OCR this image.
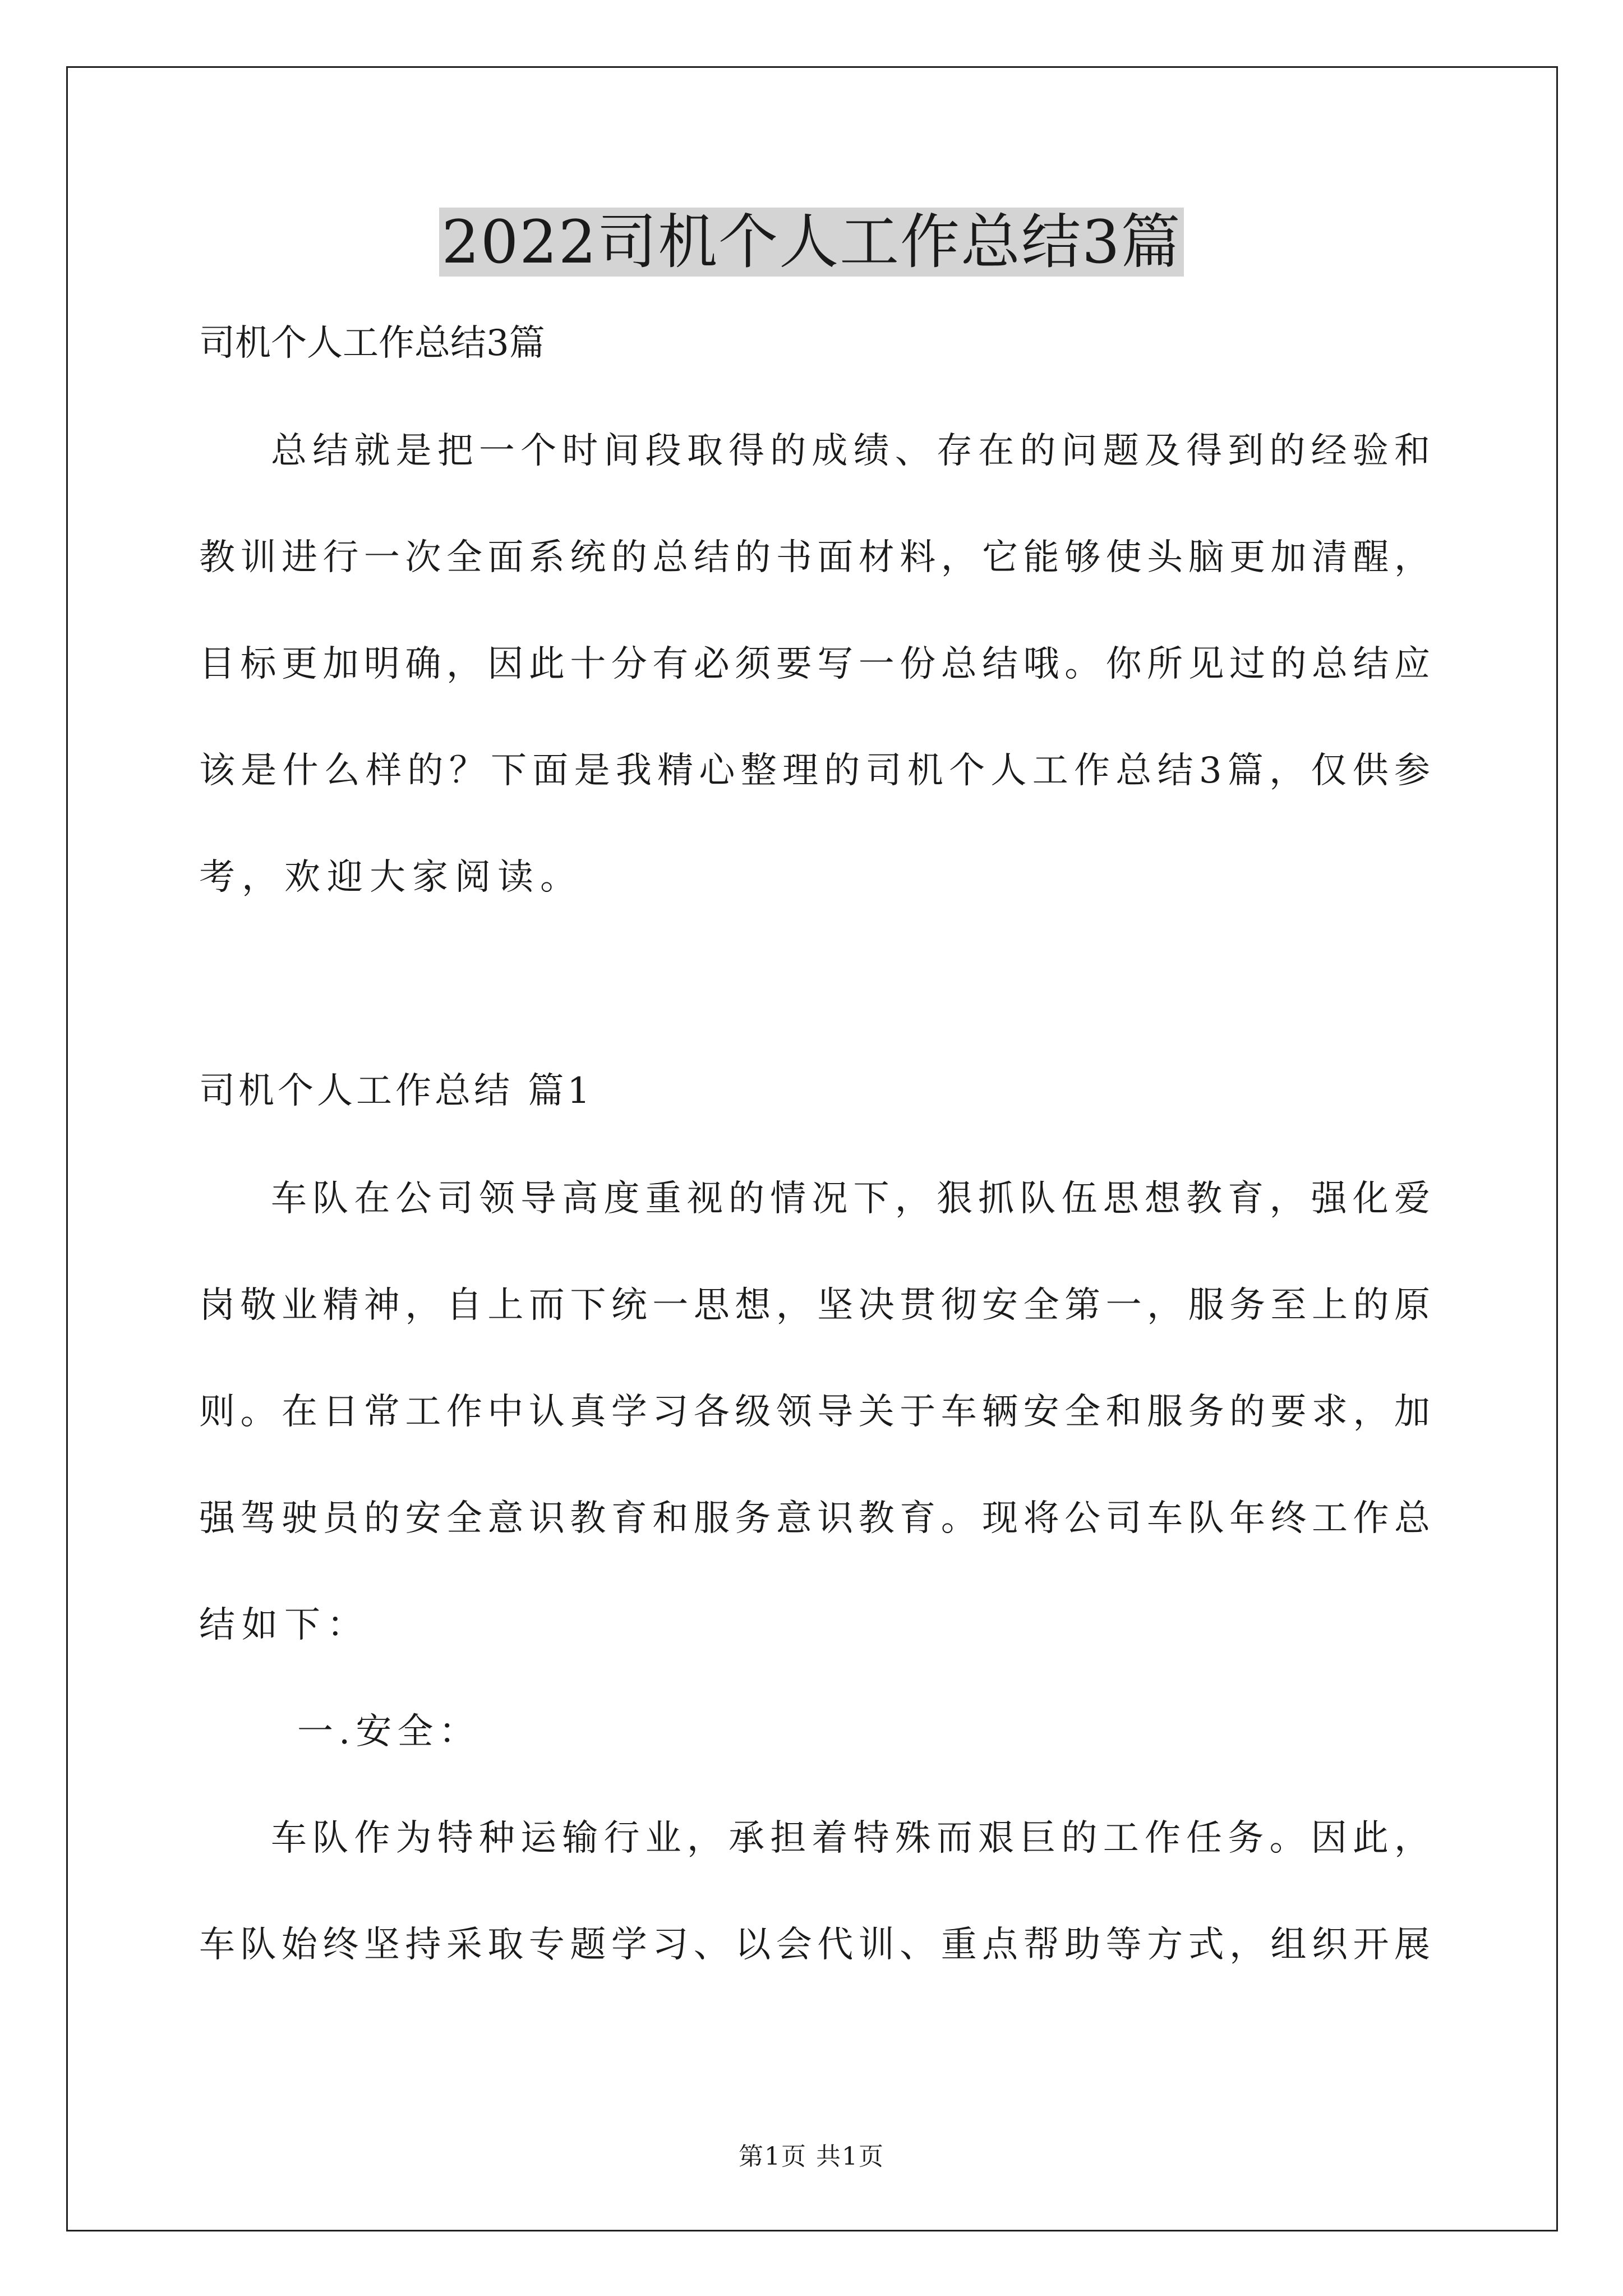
2022司机个人工作总结3篇
司机个人工作总结3篇
总结就是把一个时间段取得的成绩、存在的问题及得到的经验和
教训进行一次全面系统的总结的书面材料，它能够使头脑更加清醒，
目标更加明确，因此十分有必须要写一份总结哦。你所见过的总结应
该是什么样的？下面是我精心整理的司机个人工作总结3篇，仅供参
考，欢迎大家阅读。
司机个人工作总结 篇1
车队在公司领导高度重视的情况下，狠抓队伍思想教育，强化爱
岗敬业精神，自上而下统一思想，坚决贯彻安全第一，服务至上的原
则。在日常工作中认真学习各级领导关于车辆安全和服务的要求，加
强驾驶员的安全意识教育和服务意识教育。现将公司车队年终工作总
结如下：
一.安全：
车队作为特种运输行业，承担着特殊而艰巨的工作任务。因此，
车队始终坚持采取专题学习、以会代训、重点帮助等方式，组织开展
第1页 共1页
